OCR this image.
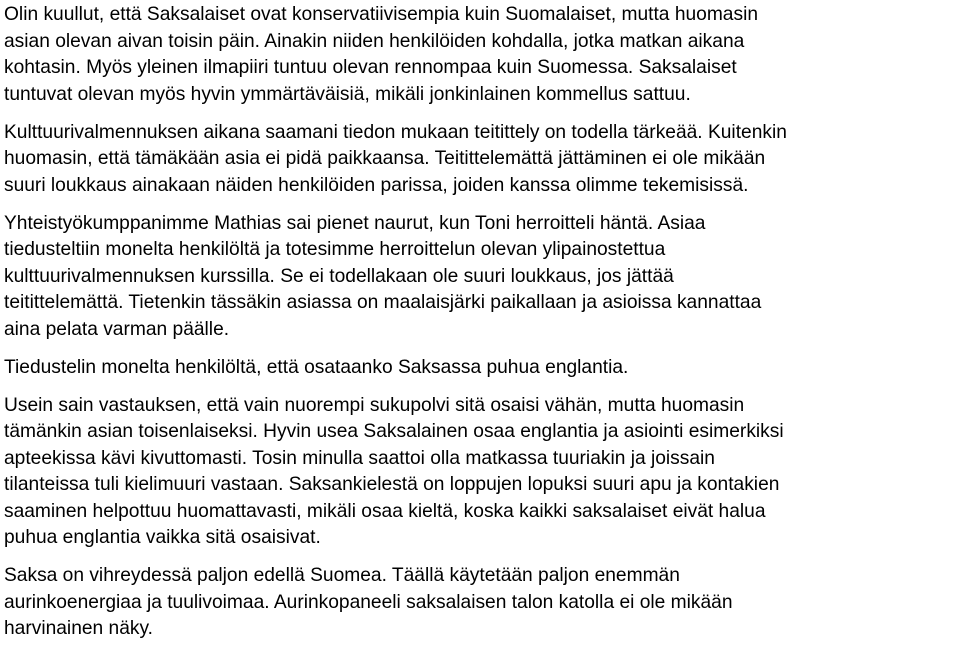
Olin kuullut, että Saksalaiset ovat konservatiivisempia kuin Suomalaiset, mutta huomasin
asian olevan aivan toisin päin. Ainakin niiden henkilöiden kohdalla, jotka matkan aikana
kohtasin. Myös yleinen ilmapiiri tuntuu olevan rennompaa kuin Suomessa. Saksalaiset
tuntuvat olevan myös hyvin ymmärtäväisiä, mikäli jonkinlainen kommellus sattuu.

Kulttuurivalmennuksen aikana saamani tiedon mukaan teitittely on todella tärkeää. Kuitenkin
huomasin, että tämäkään asia ei pidä paikkaansa. Teitittelemättä jättäminen ei ole mikään
suuri loukkaus ainakaan näiden henkilöiden parissa, joiden kanssa olimme tekemisissä.

Yhteistyökumppanimme Mathias sai pienet naurut, kun Toni herroitteli häntä. Asiaa
tiedusteltiin monelta henkilöltä ja totesimme herroittelun olevan ylipainostettua
kulttuurivalmennuksen kurssilla. Se ei todellakaan ole suuri loukkaus, jos jättää
teitittelemättä. Tietenkin tässäkin asiassa on maalaisjärki paikallaan ja asioissa kannattaa
aina pelata varman päälle.

Tiedustelin monelta henkilöltä, että osataanko Saksassa puhua englantia.

Usein sain vastauksen, että vain nuorempi sukupolvi sitä osaisi vähän, mutta huomasin
tämänkin asian toisenlaiseksi. Hyvin usea Saksalainen osaa englantia ja asiointi esimerkiksi
apteekissa kävi kivuttomasti. Tosin minulla saattoi olla matkassa tuuriakin ja joissain
tilanteissa tuli kielimuuri vastaan. Saksankielestä on loppujen lopuksi suuri apu ja kontakien
saaminen helpottuu huomattavasti, mikäli osaa kieltä, koska kaikki saksalaiset eivät halua
puhua englantia vaikka sitä osaisivat.

Saksa on vihreydessä paljon edellä Suomea. Täällä käytetään paljon enemmän
aurinkoenergiaa ja tuulivoimaa. Aurinkopaneeli saksalaisen talon katolla ei ole mikään
harvinainen näky.
